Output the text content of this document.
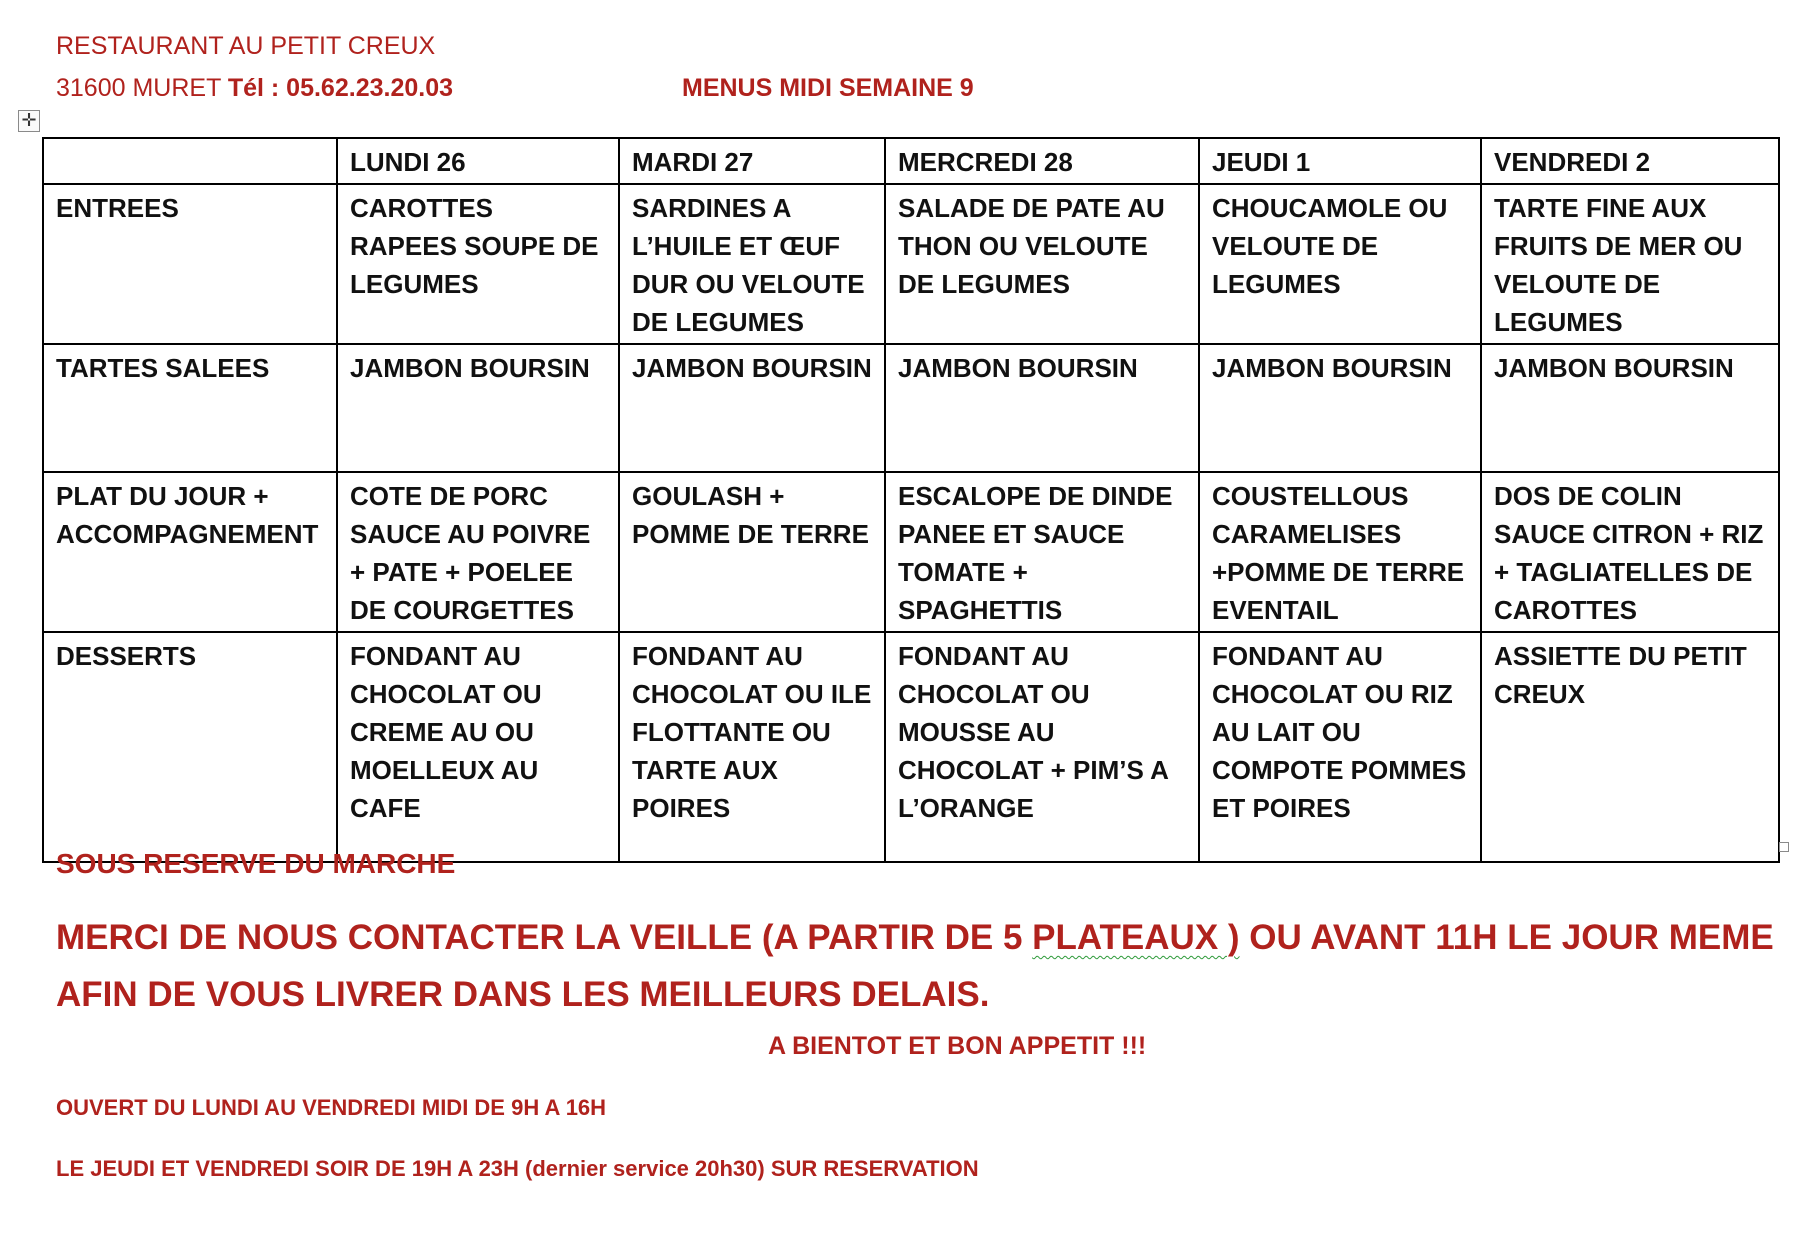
RESTAURANT AU PETIT CREUX
31600 MURET Tél : 05.62.23.20.03	MENUS MIDI SEMAINE 9
✛
	LUNDI 26	MARDI 27	MERCREDI 28	JEUDI 1	VENDREDI 2
ENTREES	CAROTTES RAPEES SOUPE DE LEGUMES	SARDINES A L’HUILE ET ŒUF DUR OU VELOUTE DE LEGUMES	SALADE DE PATE AU THON OU VELOUTE DE LEGUMES	CHOUCAMOLE OU VELOUTE DE LEGUMES	TARTE FINE AUX FRUITS DE MER OU VELOUTE DE LEGUMES
TARTES SALEES	JAMBON BOURSIN	JAMBON BOURSIN	JAMBON BOURSIN	JAMBON BOURSIN	JAMBON BOURSIN
PLAT DU JOUR + ACCOMPAGNEMENT	COTE DE PORC SAUCE AU POIVRE + PATE + POELEE DE COURGETTES	GOULASH + POMME DE TERRE	ESCALOPE DE DINDE PANEE ET SAUCE TOMATE + SPAGHETTIS	COUSTELLOUS CARAMELISES +POMME DE TERRE EVENTAIL	DOS DE COLIN SAUCE CITRON + RIZ + TAGLIATELLES DE CAROTTES
DESSERTS	FONDANT AU CHOCOLAT OU CREME AU OU MOELLEUX AU CAFE	FONDANT AU CHOCOLAT OU ILE FLOTTANTE OU TARTE AUX POIRES	FONDANT AU CHOCOLAT OU MOUSSE AU CHOCOLAT + PIM’S A L’ORANGE	FONDANT AU CHOCOLAT OU RIZ AU LAIT OU COMPOTE POMMES ET POIRES	ASSIETTE DU PETIT CREUX
SOUS RESERVE DU MARCHE
MERCI DE NOUS CONTACTER LA VEILLE (A PARTIR DE 5 PLATEAUX ) OU AVANT 11H LE JOUR MEME
AFIN DE VOUS LIVRER DANS LES MEILLEURS DELAIS.
A BIENTOT ET BON APPETIT !!!
OUVERT DU LUNDI AU VENDREDI MIDI DE 9H A 16H
LE JEUDI ET VENDREDI SOIR DE 19H A 23H (dernier service 20h30) SUR RESERVATION
